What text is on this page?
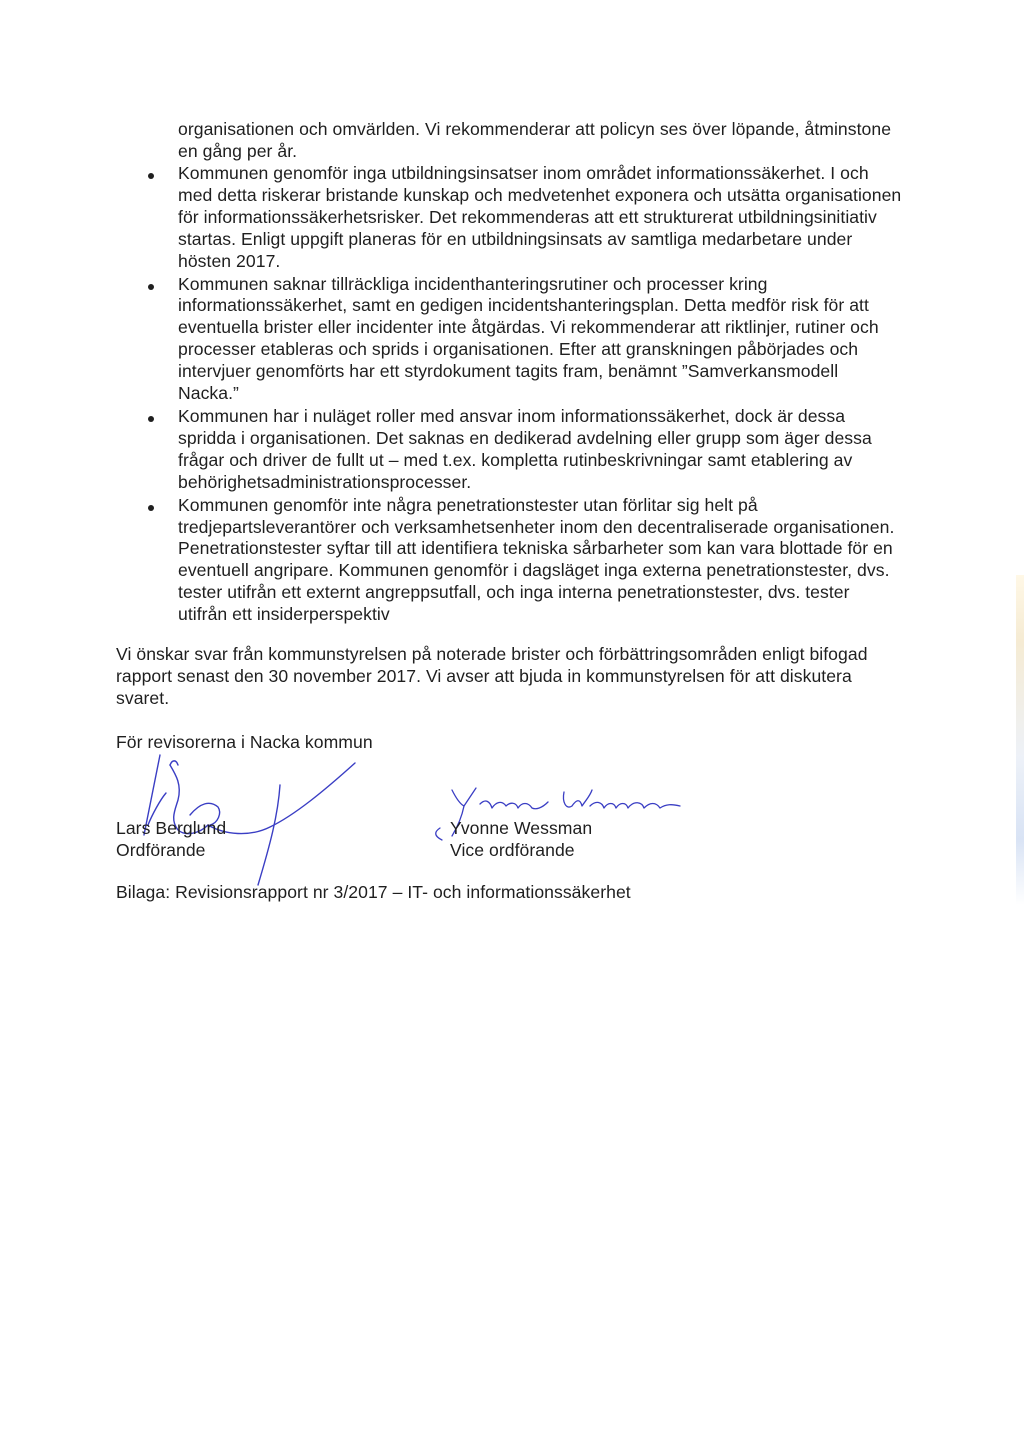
organisationen och omvärlden. Vi rekommenderar att policyn ses över löpande, åtminstone en gång per år.

Kommunen genomför inga utbildningsinsatser inom området informationssäkerhet. I och med detta riskerar bristande kunskap och medvetenhet exponera och utsätta organisationen för informationssäkerhetsrisker. Det rekommenderas att ett strukturerat utbildningsinitiativ startas. Enligt uppgift planeras för en utbildningsinsats av samtliga medarbetare under hösten 2017.
Kommunen saknar tillräckliga incidenthanteringsrutiner och processer kring informationssäkerhet, samt en gedigen incidentshanteringsplan. Detta medför risk för att eventuella brister eller incidenter inte åtgärdas. Vi rekommenderar att riktlinjer, rutiner och processer etableras och sprids i organisationen. Efter att granskningen påbörjades och intervjuer genomförts har ett styrdokument tagits fram, benämnt ”Samverkansmodell Nacka.”
Kommunen har i nuläget roller med ansvar inom informationssäkerhet, dock är dessa spridda i organisationen. Det saknas en dedikerad avdelning eller grupp som äger dessa frågar och driver de fullt ut – med t.ex. kompletta rutinbeskrivningar samt etablering av behörighetsadministrationsprocesser.
Kommunen genomför inte några penetrationstester utan förlitar sig helt på tredjepartsleverantörer och verksamhetsenheter inom den decentraliserade organisationen. Penetrationstester syftar till att identifiera tekniska sårbarheter som kan vara blottade för en eventuell angripare. Kommunen genomför i dagsläget inga externa penetrationstester, dvs. tester utifrån ett externt angreppsutfall, och inga interna penetrationstester, dvs. tester utifrån ett insiderperspektiv

Vi önskar svar från kommunstyrelsen på noterade brister och förbättringsområden enligt bifogad rapport senast den 30 november 2017. Vi avser att bjuda in kommunstyrelsen för att diskutera svaret.

För revisorerna i Nacka kommun
Lars Berglund
Ordförande
Yvonne Wessman
Vice ordförande
Bilaga: Revisionsrapport nr 3/2017 – IT- och informationssäkerhet
